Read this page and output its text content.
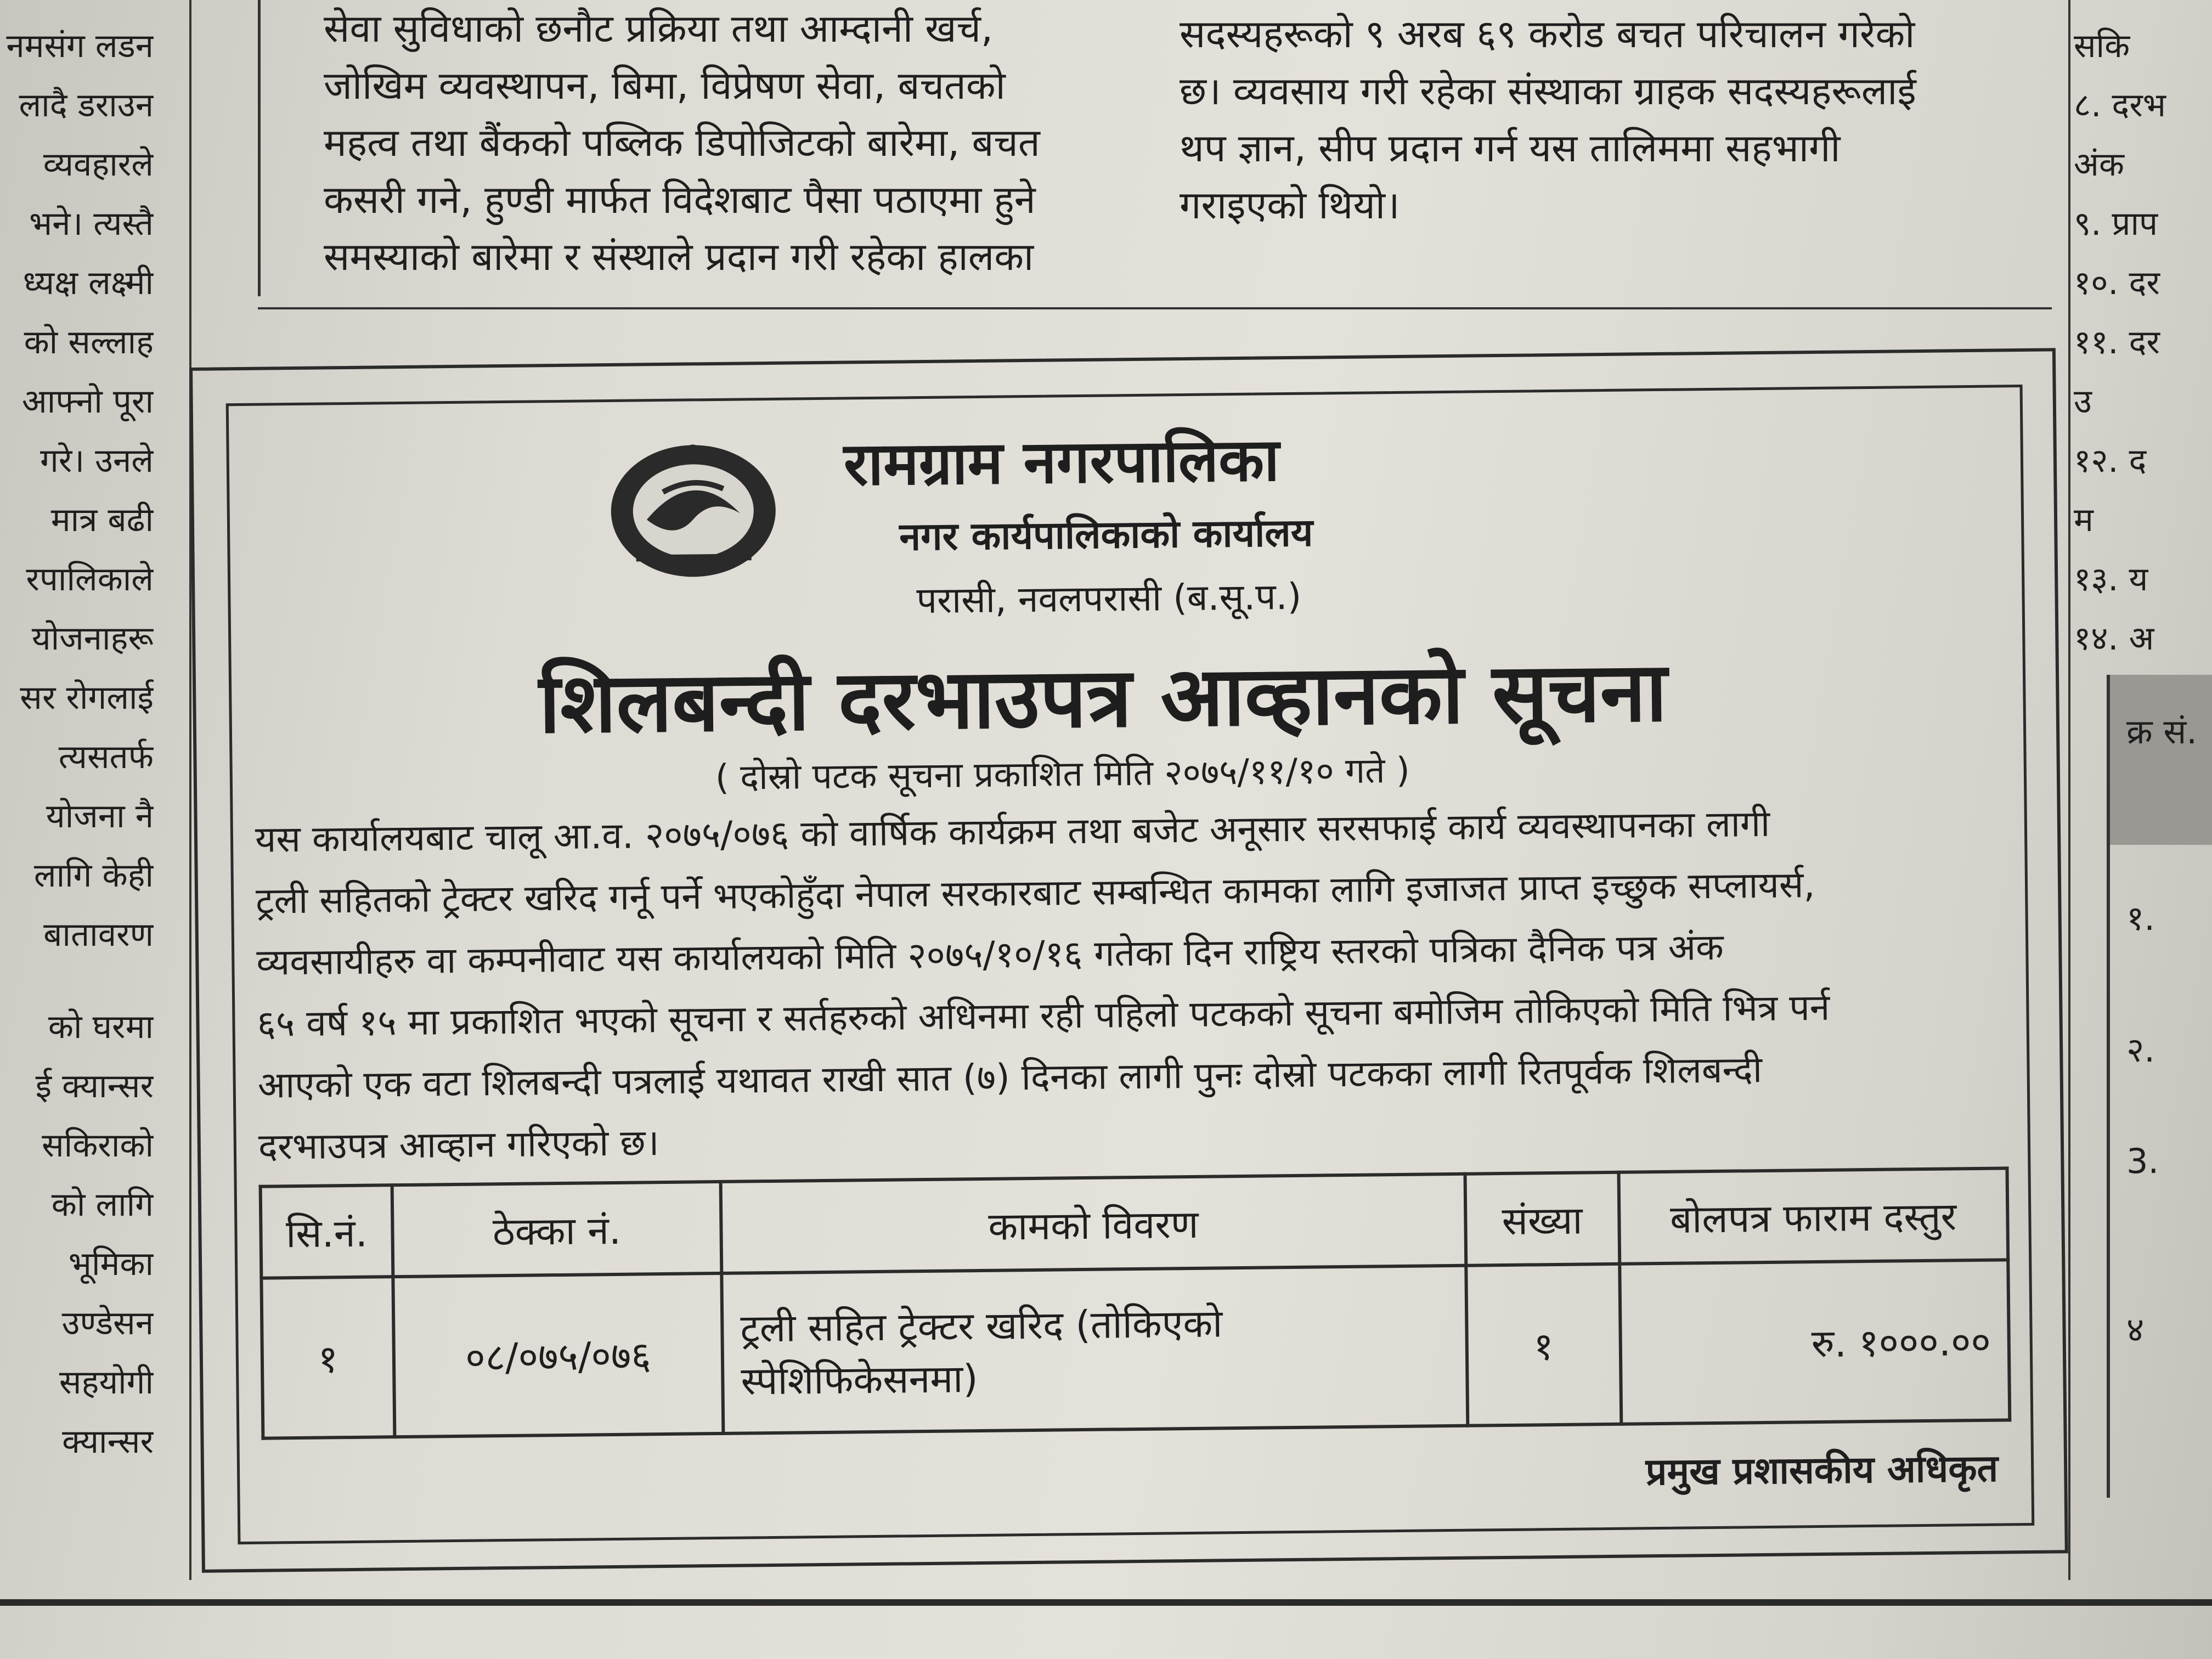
नमसंग लडन
लादै डराउन
व्यवहारले
भने। त्यस्तै
ध्यक्ष लक्ष्मी
को सल्लाह
आफ्नो पूरा
गरे। उनले
मात्र बढी
रपालिकाले
योजनाहरू
सर रोगलाई
त्यसतर्फ
योजना नै
लागि केही
बातावरण
को घरमा
ई क्यान्सर
सकिराको
को लागि
भूमिका
उण्डेसन
सहयोगी
क्यान्सर
सकि
८. दरभ
अंक
९. प्राप
१०. दर
११. दर
उ
१२. द
म
१३. य
१४. अ
क्र सं.
१.
२.
3.
४
सेवा सुविधाको छनौट प्रक्रिया तथा आम्दानी खर्च,
जोखिम व्यवस्थापन, बिमा, विप्रेषण सेवा, बचतको
महत्व तथा बैंकको पब्लिक डिपोजिटको बारेमा, बचत
कसरी गने, हुण्डी मार्फत विदेशबाट पैसा पठाएमा हुने
समस्याको बारेमा र संस्थाले प्रदान गरी रहेका हालका
सदस्यहरूको ९ अरब ६९ करोड बचत परिचालन गरेको
छ। व्यवसाय गरी रहेका संस्थाका ग्राहक सदस्यहरूलाई
थप ज्ञान, सीप प्रदान गर्न यस तालिममा सहभागी
गराइएको थियो।
रामग्राम नगरपालिका
नगर कार्यपालिकाको कार्यालय
परासी, नवलपरासी (ब.सू.प.)
शिलबन्दी दरभाउपत्र आव्हानको सूचना
( दोस्रो पटक सूचना प्रकाशित मिति २०७५/११/१० गते )
यस कार्यालयबाट चालू आ.व. २०७५/०७६ को वार्षिक कार्यक्रम तथा बजेट अनूसार सरसफाई कार्य व्यवस्थापनका लागी
ट्रली सहितको ट्रेक्टर खरिद गर्नू पर्ने भएकोहुँदा नेपाल सरकारबाट सम्बन्धित कामका लागि इजाजत प्राप्त इच्छुक सप्लायर्स,
व्यवसायीहरु वा कम्पनीवाट यस कार्यालयको मिति २०७५/१०/१६ गतेका दिन राष्ट्रिय स्तरको पत्रिका दैनिक पत्र अंक
६५ वर्ष १५ मा प्रकाशित भएको सूचना र सर्तहरुको अधिनमा रही पहिलो पटकको सूचना बमोजिम तोकिएको मिति भित्र पर्न
आएको एक वटा शिलबन्दी पत्रलाई यथावत राखी सात (७) दिनका लागी पुनः दोस्रो पटकका लागी रितपूर्वक शिलबन्दी
दरभाउपत्र आव्हान गरिएको छ।
सि.नं.	ठेक्का नं.	कामको विवरण	संख्या	बोलपत्र फाराम दस्तुर
१	०८/०७५/०७६	ट्रली सहित ट्रेक्टर खरिद (तोकिएको स्पेशिफिकेसनमा)	१	रु. १०००.००
प्रमुख प्रशासकीय अधिकृत
